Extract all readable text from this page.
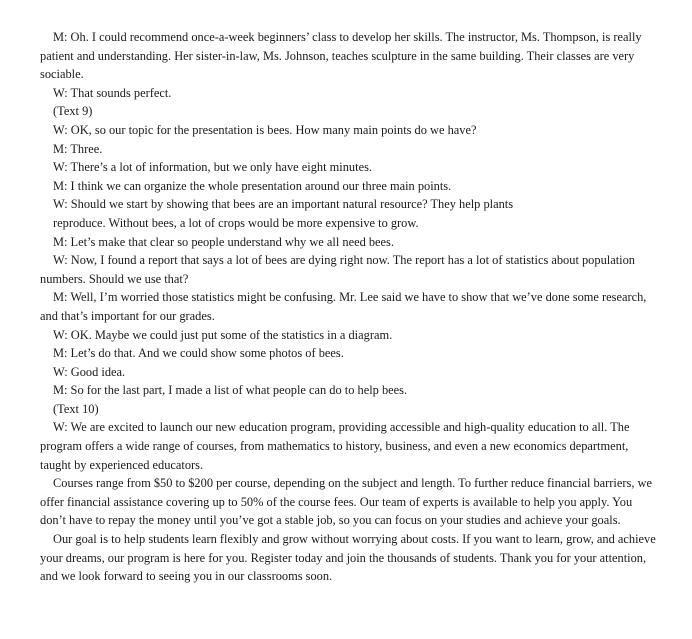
M: Oh. I could recommend once-a-week beginners’ class to develop her skills. The instructor, Ms. Thompson, is really patient and understanding. Her sister-in-law, Ms. Johnson, teaches sculpture in the same building. Their classes are very sociable.

W: That sounds perfect.

(Text 9)

W: OK, so our topic for the presentation is bees. How many main points do we have?

M: Three.

W: There’s a lot of information, but we only have eight minutes.

M: I think we can organize the whole presentation around our three main points.

W: Should we start by showing that bees are an important natural resource? They help plants

reproduce. Without bees, a lot of crops would be more expensive to grow.

M: Let’s make that clear so people understand why we all need bees.

W: Now, I found a report that says a lot of bees are dying right now. The report has a lot of statistics about population numbers. Should we use that?

M: Well, I’m worried those statistics might be confusing. Mr. Lee said we have to show that we’ve done some research, and that’s important for our grades.

W: OK. Maybe we could just put some of the statistics in a diagram.

M: Let’s do that. And we could show some photos of bees.

W: Good idea.

M: So for the last part, I made a list of what people can do to help bees.

(Text 10)

W: We are excited to launch our new education program, providing accessible and high-quality education to all. The program offers a wide range of courses, from mathematics to history, business, and even a new economics department, taught by experienced educators.

Courses range from $50 to $200 per course, depending on the subject and length. To further reduce financial barriers, we offer financial assistance covering up to 50% of the course fees. Our team of experts is available to help you apply. You don’t have to repay the money until you’ve got a stable job, so you can focus on your studies and achieve your goals.

Our goal is to help students learn flexibly and grow without worrying about costs. If you want to learn, grow, and achieve your dreams, our program is here for you. Register today and join the thousands of students. Thank you for your attention, and we look forward to seeing you in our classrooms soon.
